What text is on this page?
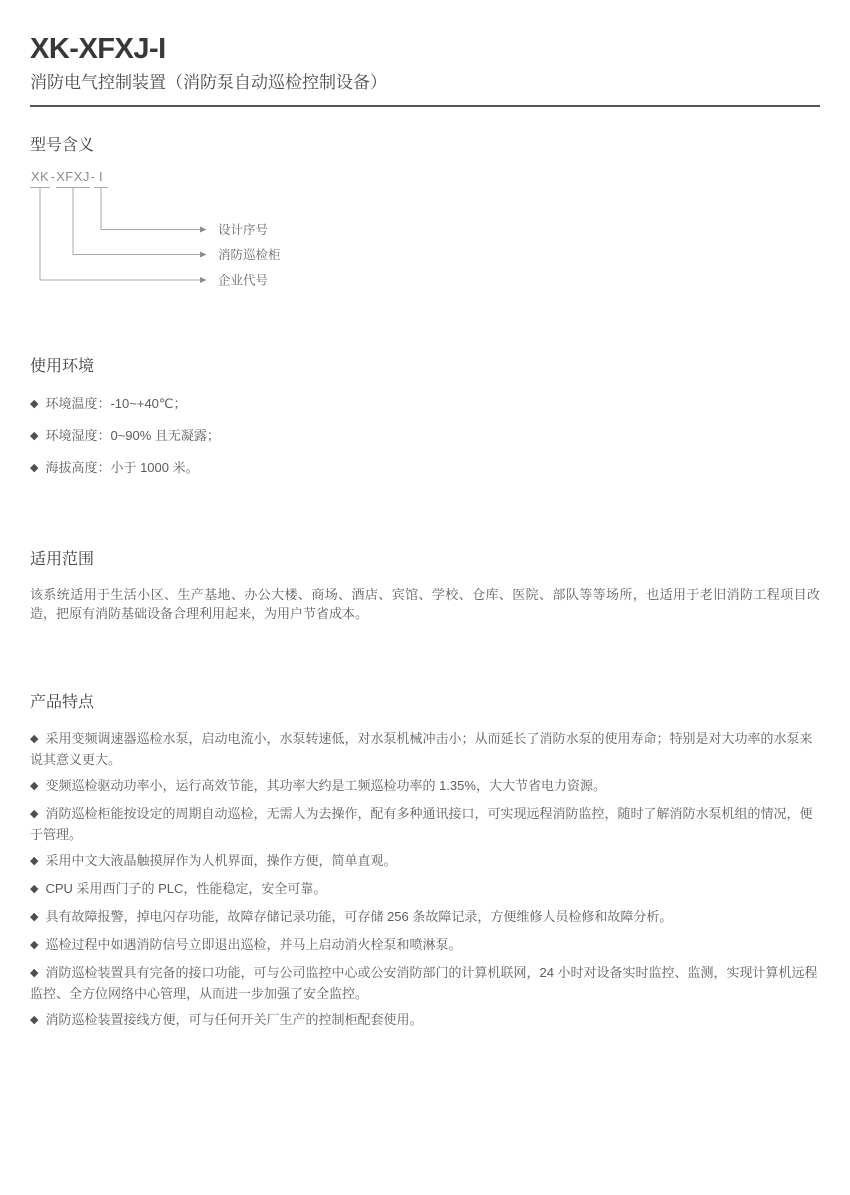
XK-XFXJ-I
消防电气控制装置（消防泵自动巡检控制设备）
型号含义
XK - XFXJ - I
设计序号
消防巡检柜
企业代号
使用环境
◆ 环境温度：-10~+40℃；
◆ 环境湿度：0~90% 且无凝露；
◆ 海拔高度：小于 1000 米。
适用范围

该系统适用于生活小区、生产基地、办公大楼、商场、酒店、宾馆、学校、仓库、医院、部队等等场所，也适用于老旧消防工程项目改造，把原有消防基础设备合理利用起来，为用户节省成本。

产品特点
◆ 采用变频调速器巡检水泵，启动电流小，水泵转速低，对水泵机械冲击小；从而延长了消防水泵的使用寿命；特别是对大功率的水泵来说其意义更大。
◆ 变频巡检驱动功率小，运行高效节能，其功率大约是工频巡检功率的 1.35%，大大节省电力资源。
◆ 消防巡检柜能按设定的周期自动巡检，无需人为去操作，配有多种通讯接口，可实现远程消防监控，随时了解消防水泵机组的情况，便于管理。
◆ 采用中文大液晶触摸屏作为人机界面，操作方便，简单直观。
◆ CPU 采用西门子的 PLC，性能稳定，安全可靠。
◆ 具有故障报警，掉电闪存功能，故障存储记录功能，可存储 256 条故障记录，方便维修人员检修和故障分析。
◆ 巡检过程中如遇消防信号立即退出巡检，并马上启动消火栓泵和喷淋泵。
◆ 消防巡检装置具有完备的接口功能，可与公司监控中心或公安消防部门的计算机联网，24 小时对设备实时监控、监测，实现计算机远程监控、全方位网络中心管理，从而进一步加强了安全监控。
◆ 消防巡检装置接线方便，可与任何开关厂生产的控制柜配套使用。
